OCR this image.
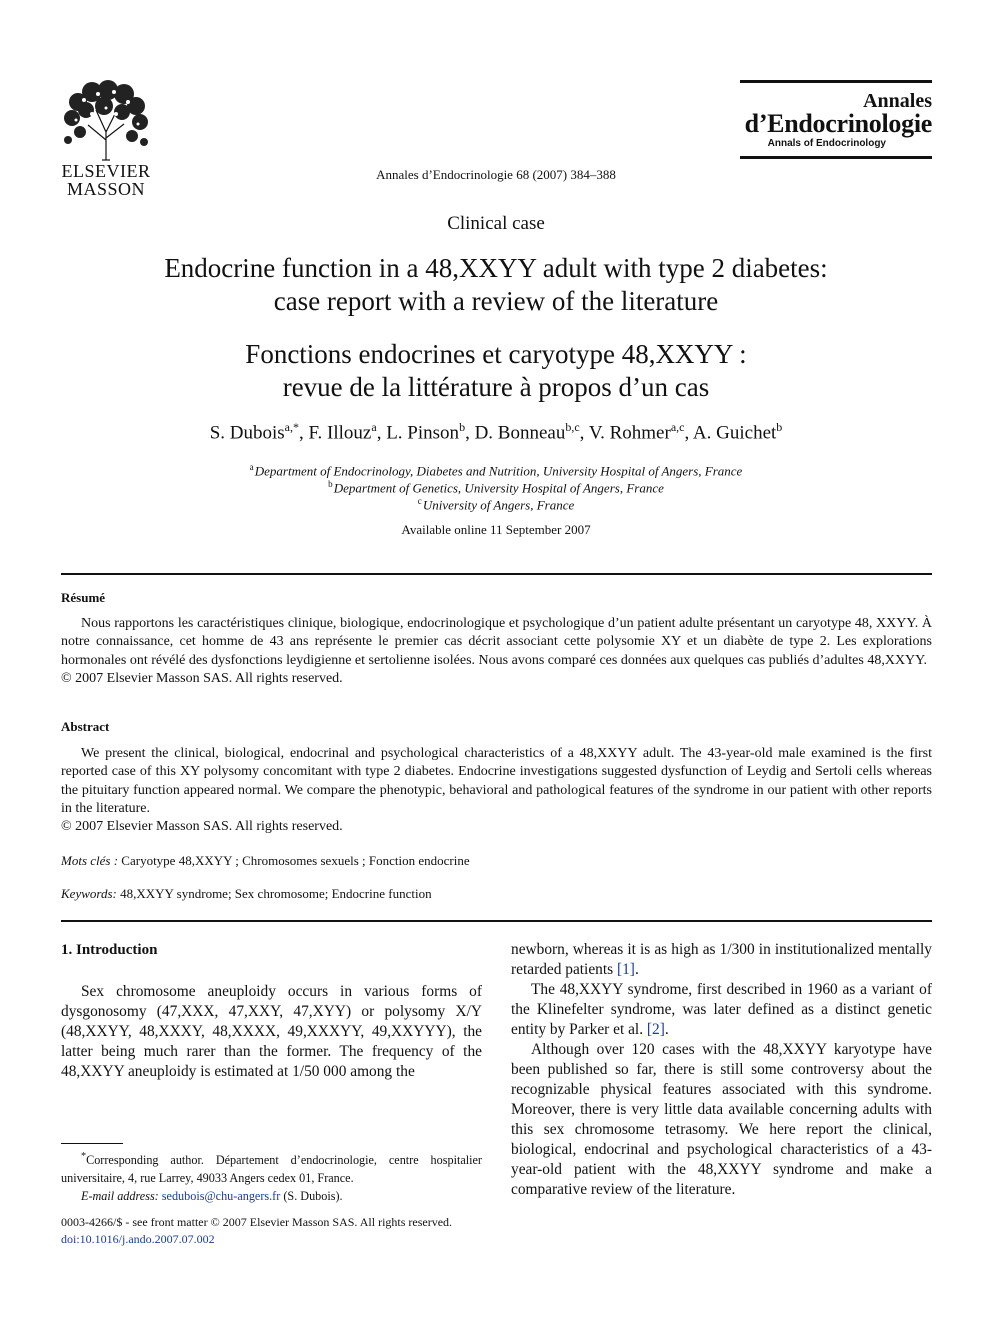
ELSEVIER
MASSON
Annales d’Endocrinologie 68 (2007) 384–388
Annales
d’Endocrinologie
Annals of Endocrinology
Clinical case
Endocrine function in a 48,XXYY adult with type 2 diabetes:
case report with a review of the literature
Fonctions endocrines et caryotype 48,XXYY :
revue de la littérature à propos d’un cas
S. Dubois$^{a,*}$, F. Illouz$^a$, L. Pinson$^b$, D. Bonneau$^{b,c}$, V. Rohmer$^{a,c}$, A. Guichet$^b$
$^a$ Department of Endocrinology, Diabetes and Nutrition, University Hospital of Angers, France
$^b$ Department of Genetics, University Hospital of Angers, France
$^c$ University of Angers, France
Available online 11 September 2007
Résumé

Nous rapportons les caractéristiques clinique, biologique, endocrinologique et psychologique d’un patient adulte présentant un caryotype 48, XXYY. À notre connaissance, cet homme de 43 ans représente le premier cas décrit associant cette polysomie XY et un diabète de type 2. Les explorations hormonales ont révélé des dysfonctions leydigienne et sertolienne isolées. Nous avons comparé ces données aux quelques cas publiés d’adultes 48,XXYY.

© 2007 Elsevier Masson SAS. All rights reserved.

Abstract

We present the clinical, biological, endocrinal and psychological characteristics of a 48,XXYY adult. The 43-year-old male examined is the first reported case of this XY polysomy concomitant with type 2 diabetes. Endocrine investigations suggested dysfunction of Leydig and Sertoli cells whereas the pituitary function appeared normal. We compare the phenotypic, behavioral and pathological features of the syndrome in our patient with other reports in the literature.

© 2007 Elsevier Masson SAS. All rights reserved.

Mots clés : Caryotype 48,XXYY ; Chromosomes sexuels ; Fonction endocrine
Keywords: 48,XXYY syndrome; Sex chromosome; Endocrine function
1. Introduction

Sex chromosome aneuploidy occurs in various forms of dysgonosomy (47,XXX, 47,XXY, 47,XYY) or polysomy X/Y (48,XXYY, 48,XXXY, 48,XXXX, 49,XXXYY, 49,XXYYY), the latter being much rarer than the former. The frequency of the 48,XXYY aneuploidy is estimated at 1/50 000 among the

newborn, whereas it is as high as 1/300 in institutionalized mentally retarded patients [1].

The 48,XXYY syndrome, first described in 1960 as a variant of the Klinefelter syndrome, was later defined as a distinct genetic entity by Parker et al. [2].

Although over 120 cases with the 48,XXYY karyotype have been published so far, there is still some controversy about the recognizable physical features associated with this syndrome. Moreover, there is very little data available concerning adults with this sex chromosome tetrasomy. We here report the clinical, biological, endocrinal and psychological characteristics of a 43-year-old patient with the 48,XXYY syndrome and make a comparative review of the literature.

*Corresponding author. Département d’endocrinologie, centre hospitalier universitaire, 4, rue Larrey, 49033 Angers cedex 01, France.

E-mail address: sedubois@chu-angers.fr (S. Dubois).

0003-4266/$ - see front matter © 2007 Elsevier Masson SAS. All rights reserved.
doi:10.1016/j.ando.2007.07.002
